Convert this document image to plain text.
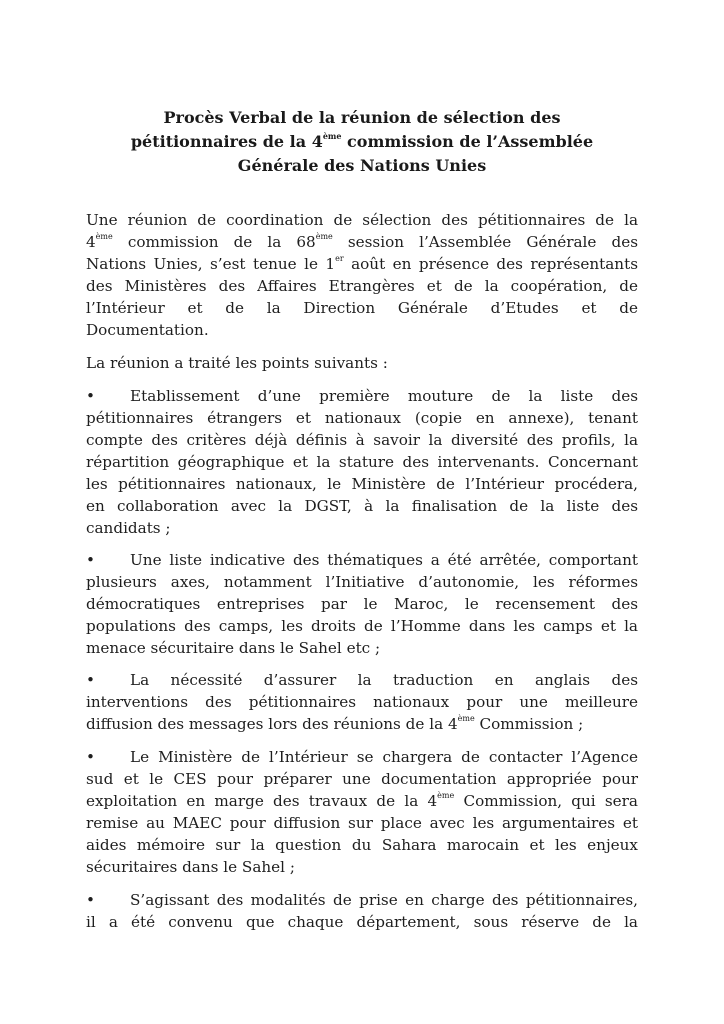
Procès Verbal de la réunion de sélection des
pétitionnaires de la 4ème commission de l’Assemblée
Générale des Nations Unies
Une réunion de coordination de sélection des pétitionnaires de la
4ème commission de la 68ème session l’Assemblée Générale des
Nations Unies, s’est tenue le 1er août en présence des représentants
des Ministères des Affaires Etrangères et de la coopération, de
l’Intérieur et de la Direction Générale d’Etudes et de
Documentation.
La réunion a traité les points suivants :
• Etablissement d’une première mouture de la liste des
pétitionnaires étrangers et nationaux (copie en annexe), tenant
compte des critères déjà définis à savoir la diversité des profils, la
répartition géographique et la stature des intervenants. Concernant
les pétitionnaires nationaux, le Ministère de l’Intérieur procédera,
en collaboration avec la DGST, à la finalisation de la liste des
candidats ;
• Une liste indicative des thématiques a été arrêtée, comportant
plusieurs axes, notamment l’Initiative d’autonomie, les réformes
démocratiques entreprises par le Maroc, le recensement des
populations des camps, les droits de l’Homme dans les camps et la
menace sécuritaire dans le Sahel etc ;
• La nécessité d’assurer la traduction en anglais des
interventions des pétitionnaires nationaux pour une meilleure
diffusion des messages lors des réunions de la 4ème Commission ;
• Le Ministère de l’Intérieur se chargera de contacter l’Agence
sud et le CES pour préparer une documentation appropriée pour
exploitation en marge des travaux de la 4ème Commission, qui sera
remise au MAEC pour diffusion sur place avec les argumentaires et
aides mémoire sur la question du Sahara marocain et les enjeux
sécuritaires dans le Sahel ;
• S’agissant des modalités de prise en charge des pétitionnaires,
il a été convenu que chaque département, sous réserve de la
